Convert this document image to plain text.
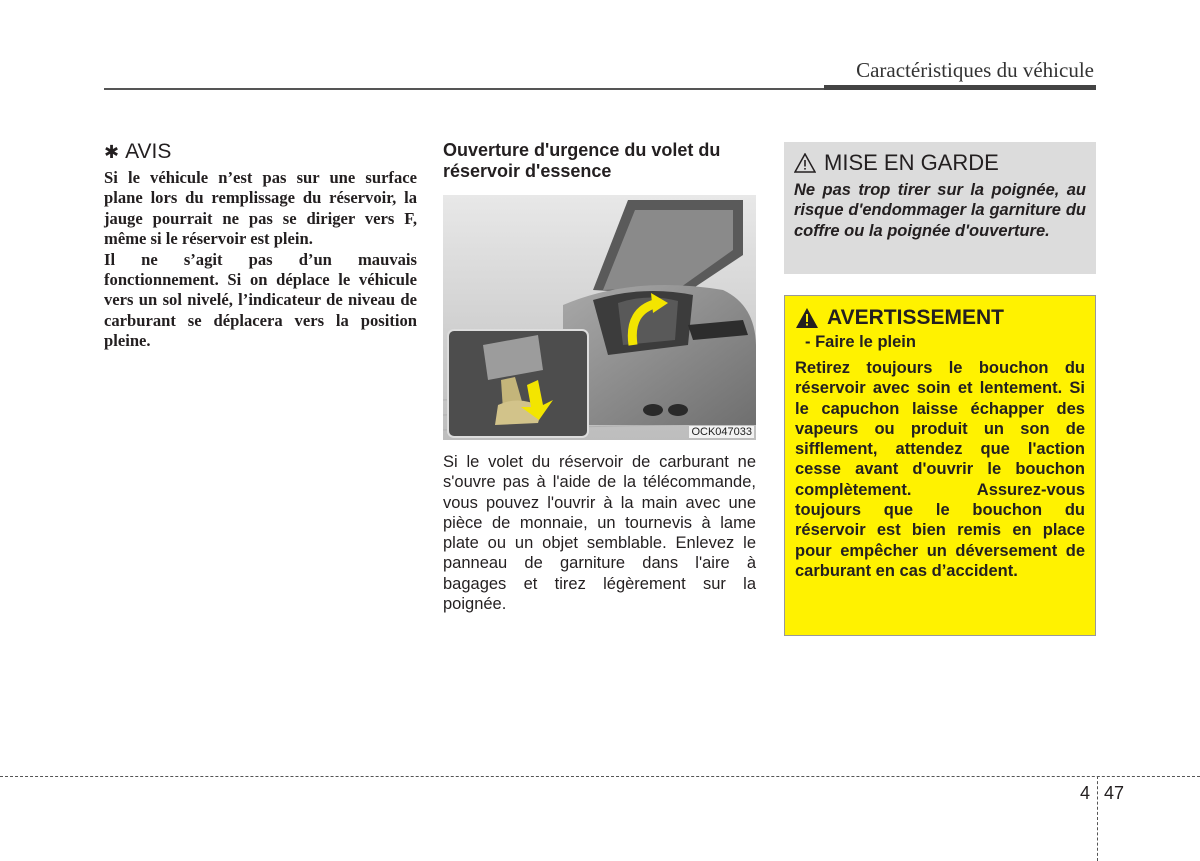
Caractéristiques du véhicule
✱ AVIS

Si le véhicule n’est pas sur une surface plane lors du remplissage du réservoir, la jauge pourrait ne pas se diriger vers F, même si le réservoir est plein.

Il ne s’agit pas d’un mauvais fonctionnement. Si on déplace le véhicule vers un sol nivelé, l’indicateur de niveau de carburant se déplacera vers la position pleine.

Ouverture d'urgence du volet du réservoir d'essence
OCK047033

Si le volet du réservoir de carburant ne s'ouvre pas à l'aide de la télécommande, vous pouvez l'ouvrir à la main avec une pièce de monnaie, un tournevis à lame plate ou un objet semblable. Enlevez le panneau de garniture dans l'aire à bagages et tirez légèrement sur la poignée.

MISE EN GARDE

Ne pas trop tirer sur la poignée, au risque d'endommager la garniture du coffre ou la poignée d'ouverture.

AVERTISSEMENT
- Faire le plein

Retirez toujours le bouchon du réservoir avec soin et lentement. Si le capuchon laisse échapper des vapeurs ou produit un son de sifflement, attendez que l'action cesse avant d'ouvrir le bouchon complètement. Assurez-vous toujours que le bouchon du réservoir est bien remis en place pour empêcher un déversement de carburant en cas d’accident.

4 47
